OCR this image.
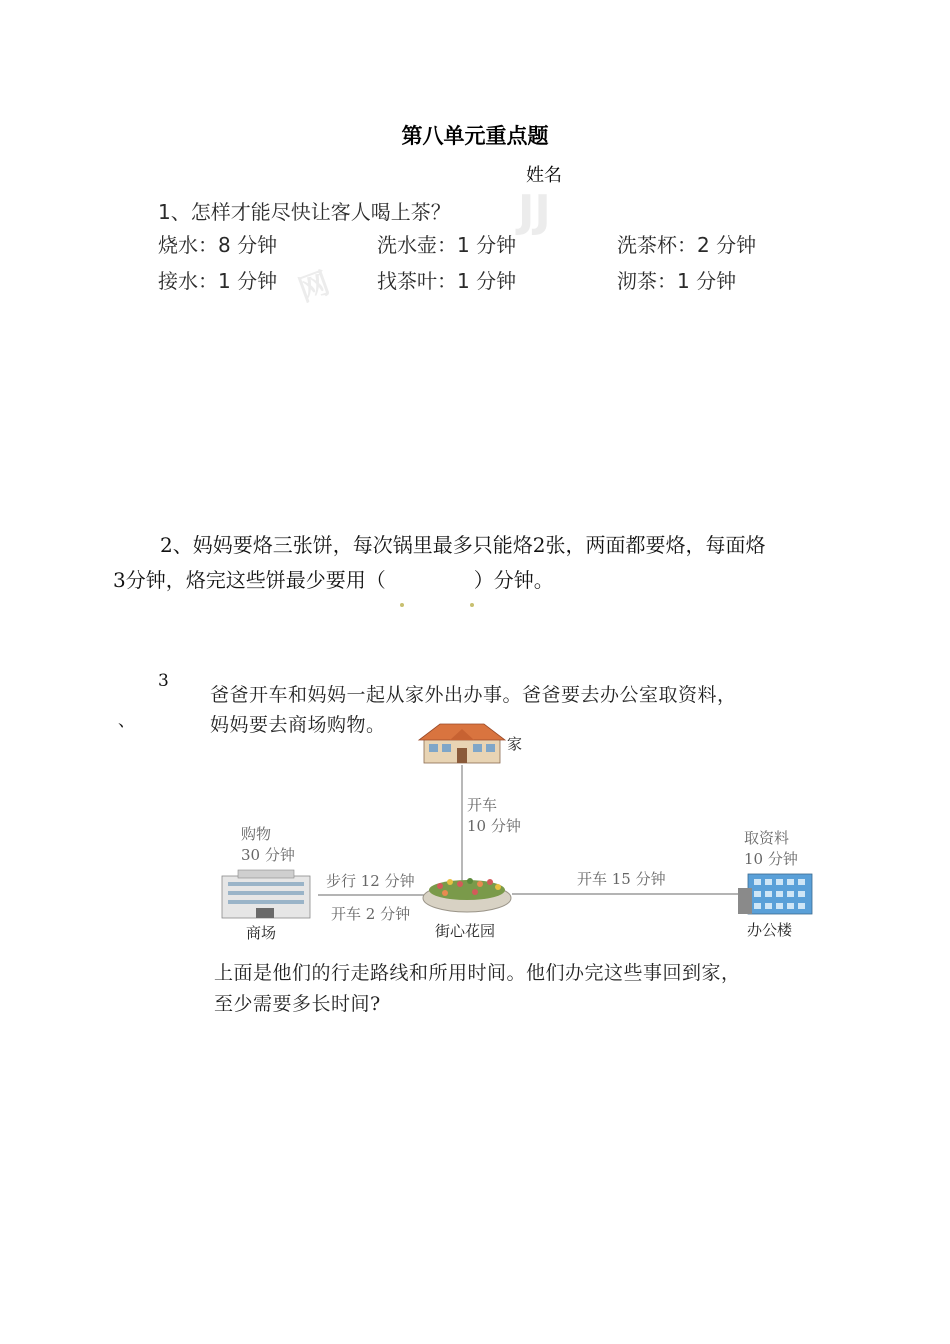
第八单元重点题
姓名
JJ
网
1、怎样才能尽快让客人喝上茶？
烧水：8 分钟	洗水壶：1 分钟	洗茶杯：2 分钟
接水：1 分钟	找茶叶：1 分钟	沏茶：1 分钟
2、妈妈要烙三张饼，每次锅里最多只能烙2张，两面都要烙，每面烙
3分钟，烙完这些饼最少要用（	）分钟。
3
、
爸爸开车和妈妈一起从家外出办事。爸爸要去办公室取资料，
妈妈要去商场购物。
家
开车
10 分钟
购物
30 分钟
步行 12 分钟
开车 2 分钟
开车 15 分钟
取资料
10 分钟
商场	街心花园	办公楼
上面是他们的行走路线和所用时间。他们办完这些事回到家，
至少需要多长时间?
